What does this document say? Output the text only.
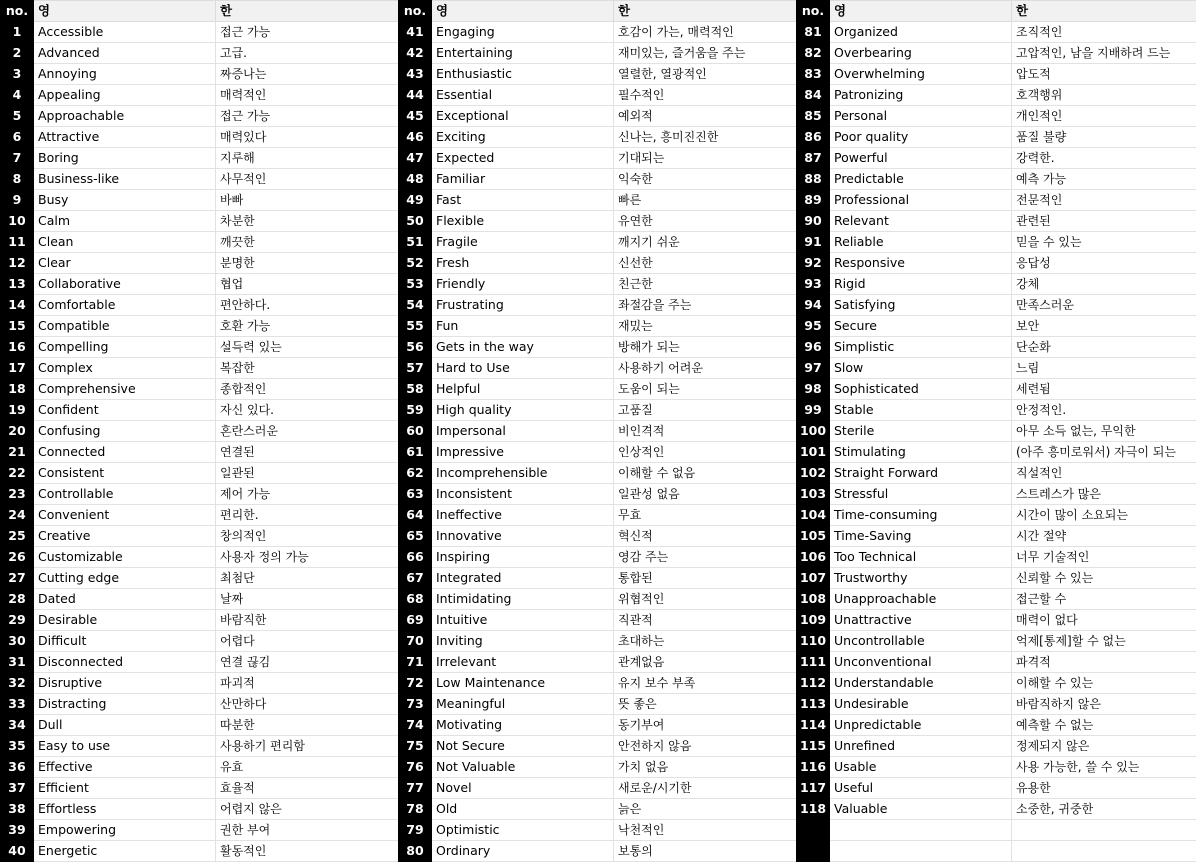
no.	영	한
1	Accessible	접근 가능
2	Advanced	고급.
3	Annoying	짜증나는
4	Appealing	매력적인
5	Approachable	접근 가능
6	Attractive	매력있다
7	Boring	지루해
8	Business-like	사무적인
9	Busy	바빠
10	Calm	차분한
11	Clean	깨끗한
12	Clear	분명한
13	Collaborative	협업
14	Comfortable	편안하다.
15	Compatible	호환 가능
16	Compelling	설득력 있는
17	Complex	복잡한
18	Comprehensive	종합적인
19	Confident	자신 있다.
20	Confusing	혼란스러운
21	Connected	연결된
22	Consistent	일관된
23	Controllable	제어 가능
24	Convenient	편리한.
25	Creative	창의적인
26	Customizable	사용자 정의 가능
27	Cutting edge	최첨단
28	Dated	날짜
29	Desirable	바람직한
30	Difficult	어렵다
31	Disconnected	연결 끊김
32	Disruptive	파괴적
33	Distracting	산만하다
34	Dull	따분한
35	Easy to use	사용하기 편리함
36	Effective	유효
37	Efficient	효율적
38	Effortless	어렵지 않은
39	Empowering	권한 부여
40	Energetic	활동적인
no.	영	한
41	Engaging	호감이 가는, 매력적인
42	Entertaining	재미있는, 즐거움을 주는
43	Enthusiastic	열렬한, 열광적인
44	Essential	필수적인
45	Exceptional	예외적
46	Exciting	신나는, 흥미진진한
47	Expected	기대되는
48	Familiar	익숙한
49	Fast	빠른
50	Flexible	유연한
51	Fragile	깨지기 쉬운
52	Fresh	신선한
53	Friendly	친근한
54	Frustrating	좌절감을 주는
55	Fun	재밌는
56	Gets in the way	방해가 되는
57	Hard to Use	사용하기 어려운
58	Helpful	도움이 되는
59	High quality	고품질
60	Impersonal	비인격적
61	Impressive	인상적인
62	Incomprehensible	이해할 수 없음
63	Inconsistent	일관성 없음
64	Ineffective	무효
65	Innovative	혁신적
66	Inspiring	영감 주는
67	Integrated	통합된
68	Intimidating	위협적인
69	Intuitive	직관적
70	Inviting	초대하는
71	Irrelevant	관계없음
72	Low Maintenance	유지 보수 부족
73	Meaningful	뜻 좋은
74	Motivating	동기부여
75	Not Secure	안전하지 않음
76	Not Valuable	가치 없음
77	Novel	새로운/시기한
78	Old	늙은
79	Optimistic	낙천적인
80	Ordinary	보통의
no.	영	한
81	Organized	조직적인
82	Overbearing	고압적인, 남을 지배하려 드는
83	Overwhelming	압도적
84	Patronizing	호객행위
85	Personal	개인적인
86	Poor quality	품질 불량
87	Powerful	강력한.
88	Predictable	예측 가능
89	Professional	전문적인
90	Relevant	관련된
91	Reliable	믿을 수 있는
92	Responsive	응답성
93	Rigid	강체
94	Satisfying	만족스러운
95	Secure	보안
96	Simplistic	단순화
97	Slow	느림
98	Sophisticated	세련됨
99	Stable	안정적인.
100	Sterile	아무 소득 없는, 무익한
101	Stimulating	(아주 흥미로워서) 자극이 되는
102	Straight Forward	직설적인
103	Stressful	스트레스가 많은
104	Time-consuming	시간이 많이 소요되는
105	Time-Saving	시간 절약
106	Too Technical	너무 기술적인
107	Trustworthy	신뢰할 수 있는
108	Unapproachable	접근할 수
109	Unattractive	매력이 없다
110	Uncontrollable	억제[통제]할 수 없는
111	Unconventional	파격적
112	Understandable	이해할 수 있는
113	Undesirable	바람직하지 않은
114	Unpredictable	예측할 수 없는
115	Unrefined	정제되지 않은
116	Usable	사용 가능한, 쓸 수 있는
117	Useful	유용한
118	Valuable	소중한, 귀중한
